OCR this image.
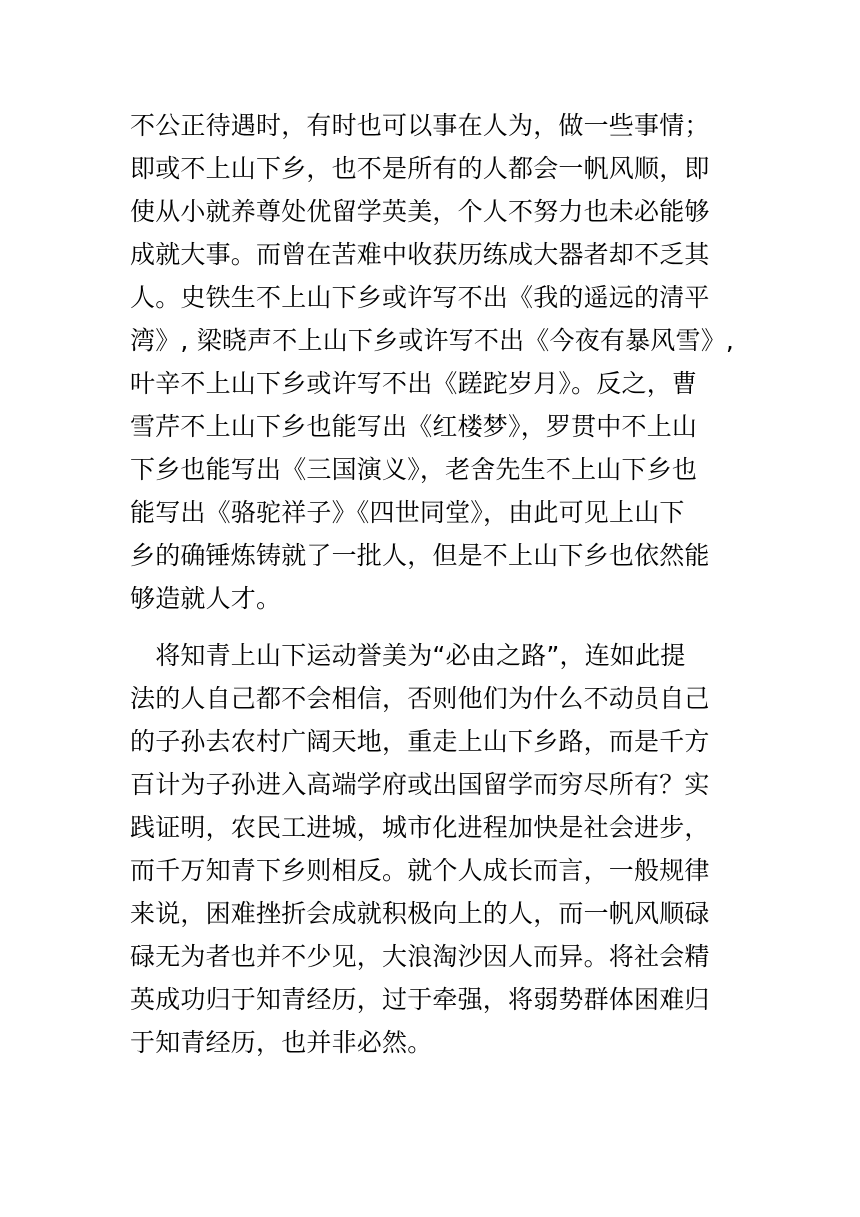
不公正待遇时，有时也可以事在人为，做一些事情；
即或不上山下乡，也不是所有的人都会一帆风顺，即
使从小就养尊处优留学英美，个人不努力也未必能够
成就大事。而曾在苦难中收获历练成大器者却不乏其
人。史铁生不上山下乡或许写不出《我的遥远的清平
湾》, 梁晓声不上山下乡或许写不出《今夜有暴风雪》,
叶辛不上山下乡或许写不出《蹉跎岁月》。反之，曹
雪芹不上山下乡也能写出《红楼梦》，罗贯中不上山
下乡也能写出《三国演义》，老舍先生不上山下乡也
能写出《骆驼祥子》《四世同堂》，由此可见上山下
乡的确锤炼铸就了一批人，但是不上山下乡也依然能
够造就人才。
　将知青上山下运动誉美为“必由之路”，连如此提
法的人自己都不会相信，否则他们为什么不动员自己
的子孙去农村广阔天地，重走上山下乡路，而是千方
百计为子孙进入高端学府或出国留学而穷尽所有？实
践证明，农民工进城，城市化进程加快是社会进步，
而千万知青下乡则相反。就个人成长而言，一般规律
来说，困难挫折会成就积极向上的人，而一帆风顺碌
碌无为者也并不少见，大浪淘沙因人而异。将社会精
英成功归于知青经历，过于牵强，将弱势群体困难归
于知青经历，也并非必然。
